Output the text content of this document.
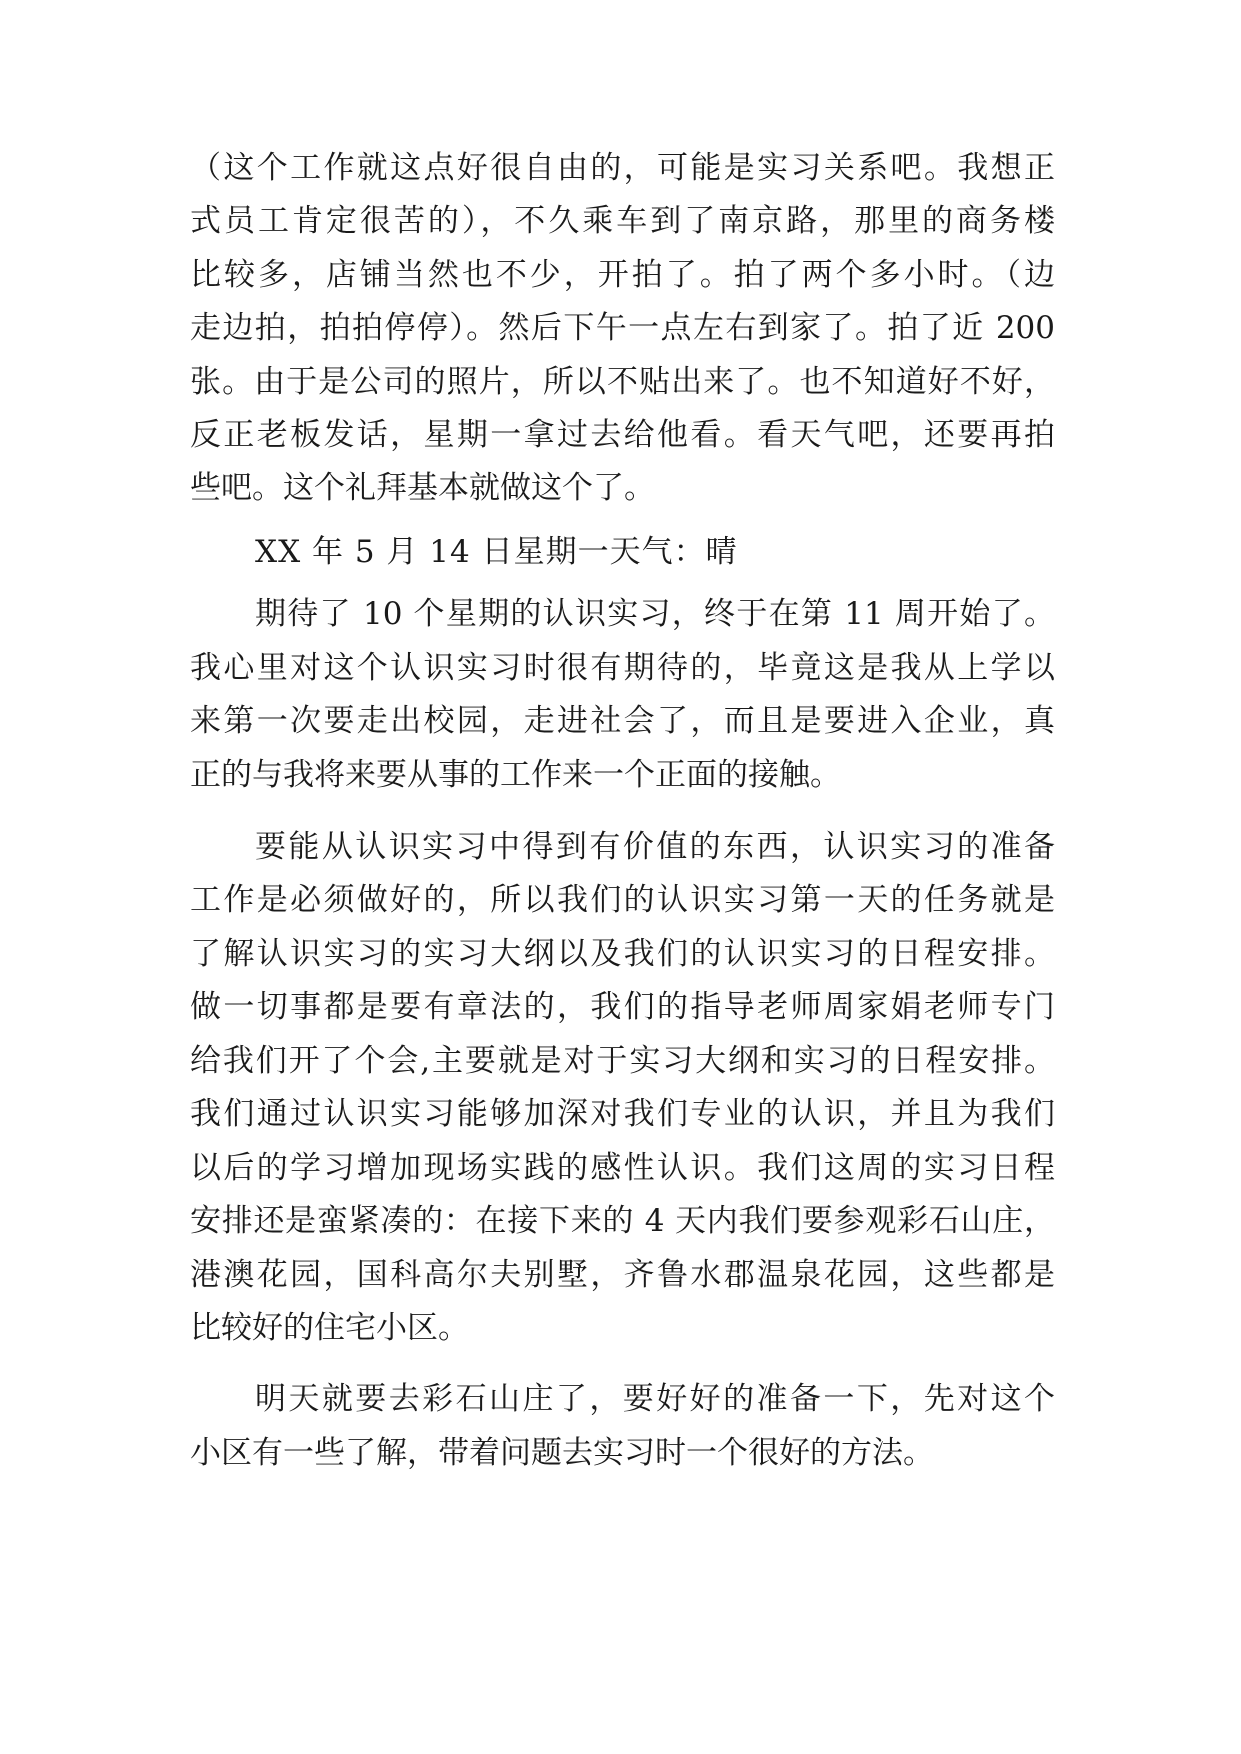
（这个工作就这点好很自由的，可能是实习关系吧。我想正
式员工肯定很苦的），不久乘车到了南京路，那里的商务楼
比较多，店铺当然也不少，开拍了。拍了两个多小时。（边
走边拍，拍拍停停）。然后下午一点左右到家了。拍了近 200
张。由于是公司的照片，所以不贴出来了。也不知道好不好，
反正老板发话，星期一拿过去给他看。看天气吧，还要再拍
些吧。这个礼拜基本就做这个了。
XX 年 5 月 14 日星期一天气：晴
期待了 10 个星期的认识实习，终于在第 11 周开始了。
我心里对这个认识实习时很有期待的，毕竟这是我从上学以
来第一次要走出校园，走进社会了，而且是要进入企业，真
正的与我将来要从事的工作来一个正面的接触。
要能从认识实习中得到有价值的东西，认识实习的准备
工作是必须做好的，所以我们的认识实习第一天的任务就是
了解认识实习的实习大纲以及我们的认识实习的日程安排。
做一切事都是要有章法的，我们的指导老师周家娟老师专门
给我们开了个会,主要就是对于实习大纲和实习的日程安排。
我们通过认识实习能够加深对我们专业的认识，并且为我们
以后的学习增加现场实践的感性认识。我们这周的实习日程
安排还是蛮紧凑的：在接下来的 4 天内我们要参观彩石山庄，
港澳花园，国科高尔夫别墅，齐鲁水郡温泉花园，这些都是
比较好的住宅小区。
明天就要去彩石山庄了，要好好的准备一下，先对这个
小区有一些了解，带着问题去实习时一个很好的方法。
